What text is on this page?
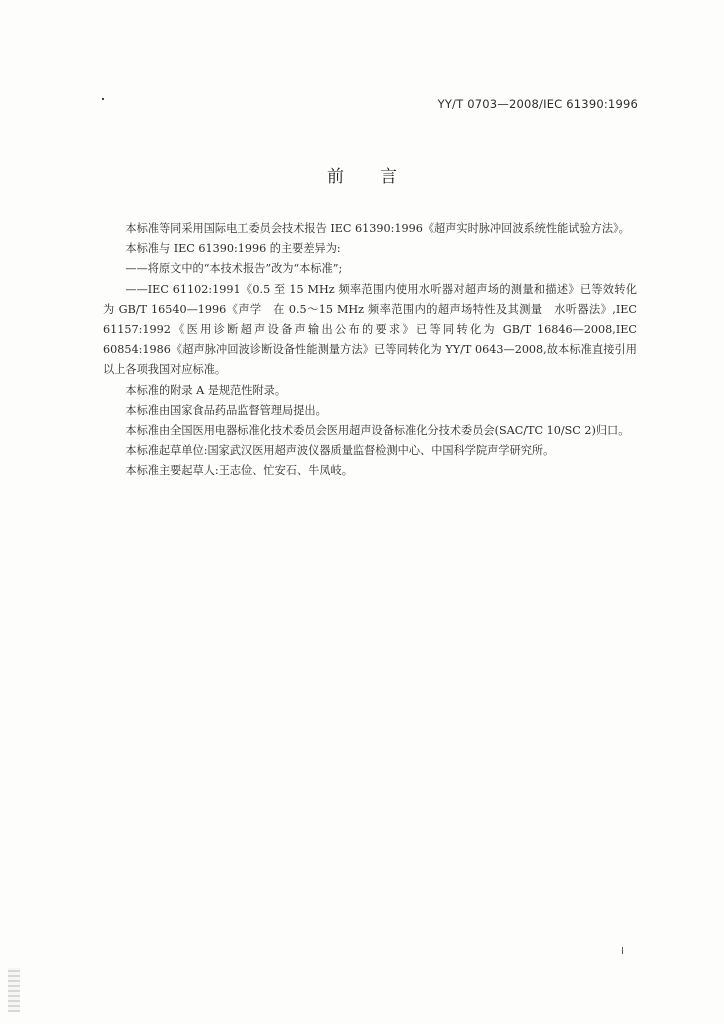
YY/T 0703—2008/IEC 61390:1996
前言

本标准等同采用国际电工委员会技术报告 IEC 61390:1996《超声实时脉冲回波系统性能试验方法》。

本标准与 IEC 61390:1996 的主要差异为:

——将原文中的“本技术报告”改为“本标准”;

——IEC 61102:1991《0.5 至 15 MHz 频率范围内使用水听器对超声场的测量和描述》已等效转化为 GB/T 16540—1996《声学　在 0.5～15 MHz 频率范围内的超声场特性及其测量　水听器法》,IEC 61157:1992《医用诊断超声设备声输出公布的要求》已等同转化为 GB/T 16846—2008,IEC 60854:1986《超声脉冲回波诊断设备性能测量方法》已等同转化为 YY/T 0643—2008,故本标准直接引用以上各项我国对应标准。

本标准的附录 A 是规范性附录。

本标准由国家食品药品监督管理局提出。

本标准由全国医用电器标准化技术委员会医用超声设备标准化分技术委员会(SAC/TC 10/SC 2)归口。

本标准起草单位:国家武汉医用超声波仪器质量监督检测中心、中国科学院声学研究所。

本标准主要起草人:王志俭、忙安石、牛凤岐。

I
